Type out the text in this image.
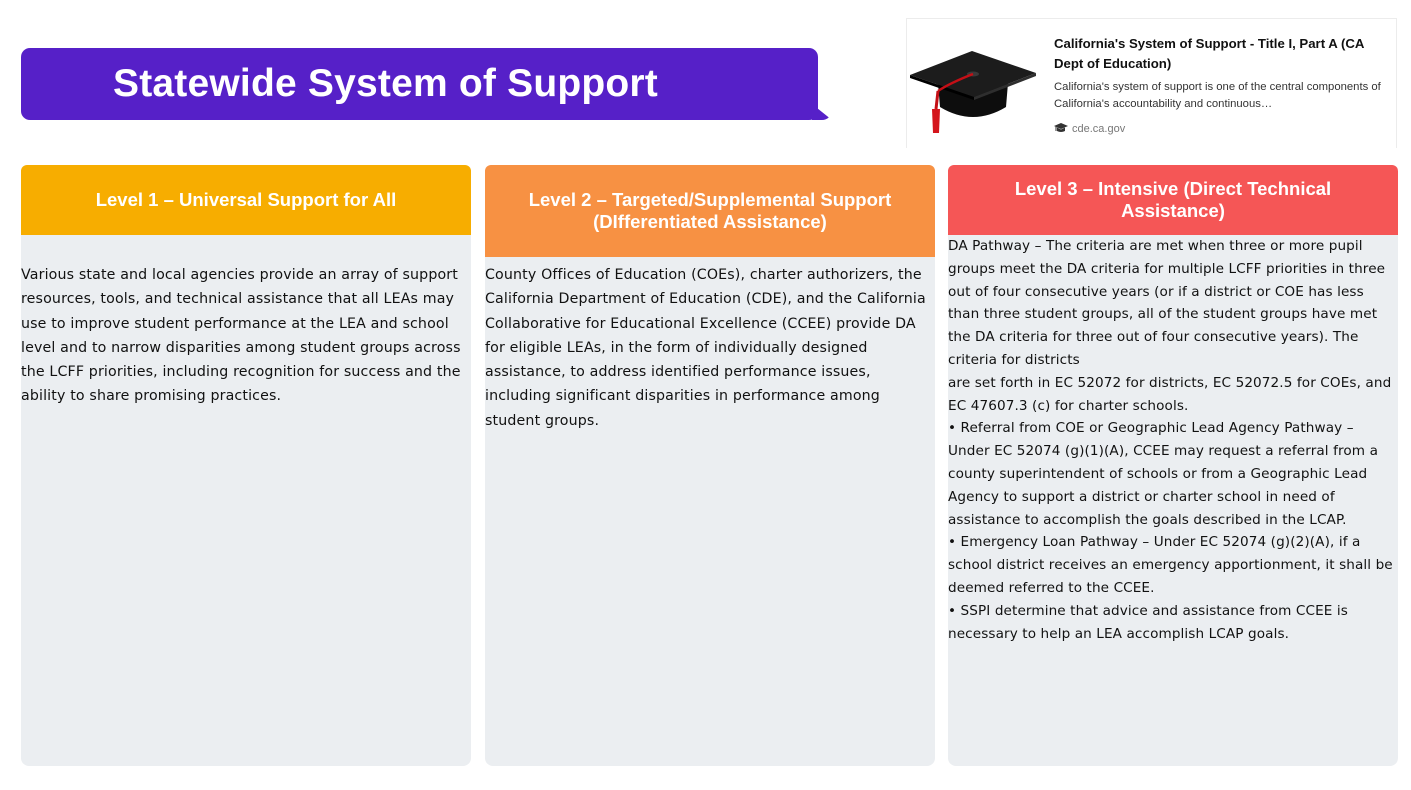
Statewide System of Support
California's System of Support - Title I, Part A (CA Dept of Education)
California's system of support is one of the central components of California's accountability and continuous…
cde.ca.gov
Level 1 – Universal Support for All

Various state and local agencies provide an array of support resources, tools, and technical assistance that all LEAs may use to improve student performance at the LEA and school level and to narrow disparities among student groups across the LCFF priorities, including recognition for success and the ability to share promising practices.

Level 2 – Targeted/Supplemental Support (DIfferentiated Assistance)

County Offices of Education (COEs), charter authorizers, the California Department of Education (CDE), and the California Collaborative for Educational Excellence (CCEE) provide DA for eligible LEAs, in the form of individually designed assistance, to address identified performance issues, including significant disparities in performance among student groups.

Level 3 – Intensive (Direct Technical Assistance)

DA Pathway – The criteria are met when three or more pupil groups meet the DA criteria for multiple LCFF priorities in three out of four consecutive years (or if a district or COE has less than three student groups, all of the student groups have met the DA criteria for three out of four consecutive years). The criteria for districts
are set forth in EC 52072 for districts, EC 52072.5 for COEs, and EC 47607.3 (c) for charter schools.
• Referral from COE or Geographic Lead Agency Pathway – Under EC 52074 (g)(1)(A), CCEE may request a referral from a county superintendent of schools or from a Geographic Lead Agency to support a district or charter school in need of
assistance to accomplish the goals described in the LCAP.
• Emergency Loan Pathway – Under EC 52074 (g)(2)(A), if a school district receives an emergency apportionment, it shall be deemed referred to the CCEE.
• SSPI determine that advice and assistance from CCEE is necessary to help an LEA accomplish LCAP goals.
